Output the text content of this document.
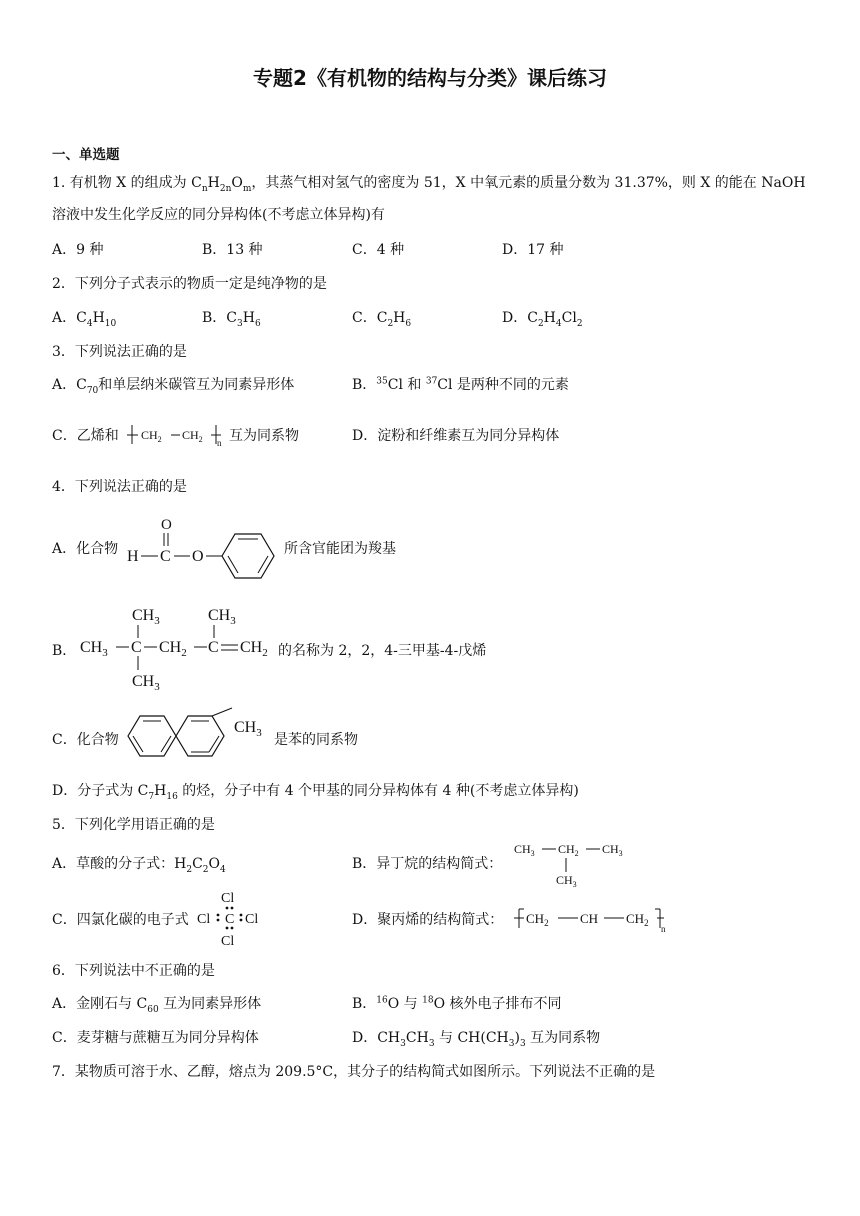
专题2《有机物的结构与分类》课后练习
一、单选题
1. 有机物 X 的组成为 $C_nH_{2n}O_m$，其蒸气相对氢气的密度为 51，X 中氧元素的质量分数为 31.37%，则 X 的能在 NaOH
溶液中发生化学反应的同分异构体(不考虑立体异构)有
A．9 种	B．13 种	C．4 种	D．17 种
2．下列分子式表示的物质一定是纯净物的是
A．$C_4H_{10}$	B．$C_3H_6$	C．$C_2H_6$	D．$C_2H_4Cl_2$
3．下列说法正确的是
A．$C_{70}$和单层纳米碳管互为同素异形体	B．$^{35}$Cl 和 $^{37}$Cl 是两种不同的元素
C．乙烯和 $CH_2$ $CH_2$ n 互为同系物	D．淀粉和纤维素互为同分异构体
4．下列说法正确的是
A．化合物
O
H C O	所含官能团为羧基
B．
$CH_3$
$CH_3$ C $CH_2$
$CH_3$
C $CH_2$
$CH_3$
的名称为 2，2，4-三甲基-4-戊烯
C．化合物
$CH_3$ 是苯的同系物
D．分子式为 $C_7H_{16}$ 的烃，分子中有 4 个甲基的同分异构体有 4 种(不考虑立体异构)
5．下列化学用语正确的是
A．草酸的分子式：$H_2C_2O_4$	B．异丁烷的结构简式：
$CH_3$ $CH_2$ $CH_3$
$CH_3$
C．四氯化碳的电子式
Cl
Cl C Cl
Cl
D．聚丙烯的结构简式： $CH_2$ CH $CH_2$
n
6．下列说法中不正确的是
A．金刚石与 $C_{60}$ 互为同素异形体	B．$^{16}$O 与 $^{18}$O 核外电子排布不同
C．麦芽糖与蔗糖互为同分异构体	D．$CH_3CH_3$ 与 $CH(CH_3)_3$ 互为同系物
7．某物质可溶于水、乙醇，熔点为 209.5°C，其分子的结构简式如图所示。下列说法不正确的是
